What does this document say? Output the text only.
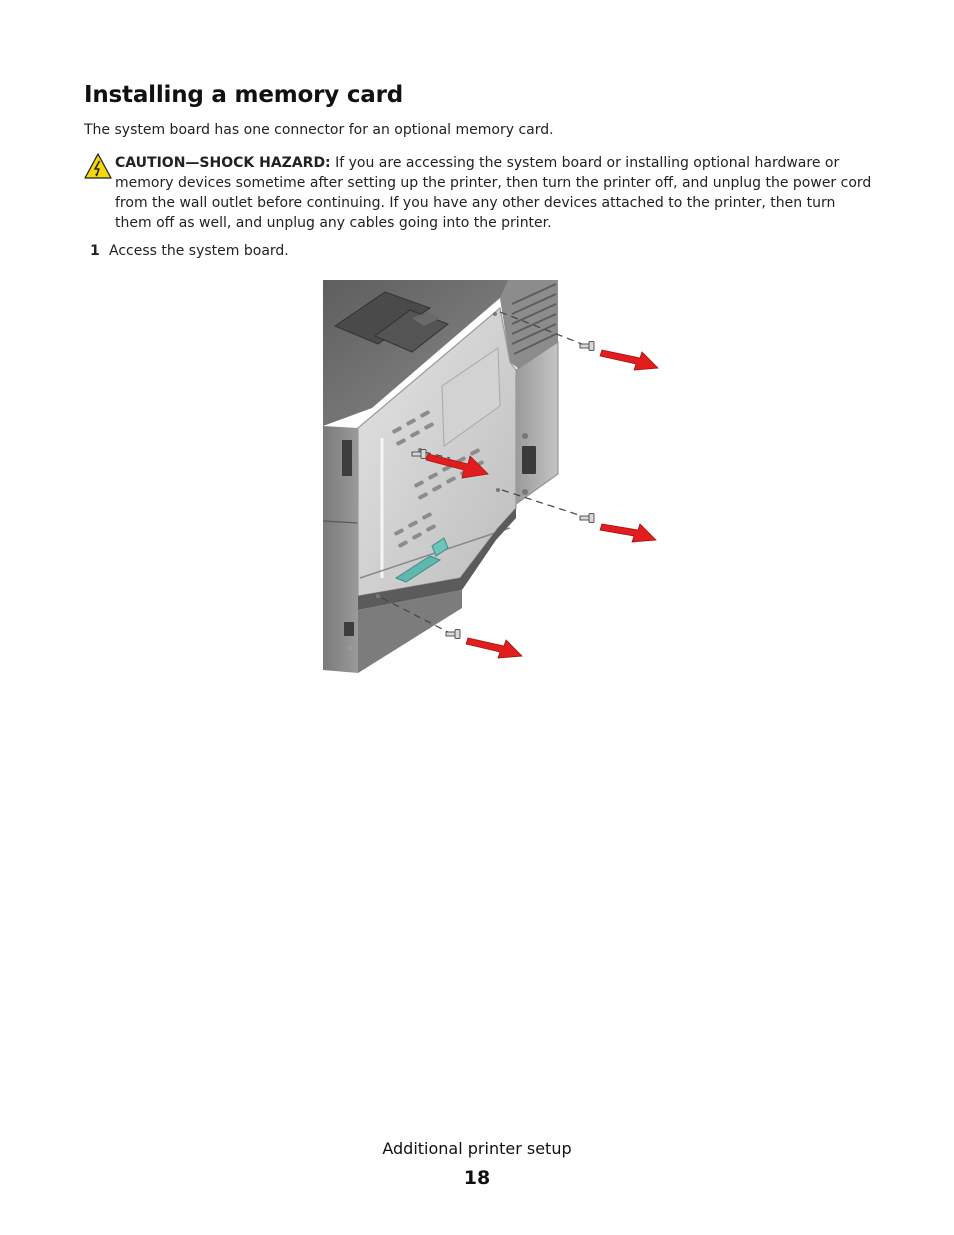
Installing a memory card

The system board has one connector for an optional memory card.

CAUTION—SHOCK HAZARD: If you are accessing the system board or installing optional hardware or memory devices sometime after setting up the printer, then turn the printer off, and unplug the power cord from the wall outlet before continuing. If you have any other devices attached to the printer, then turn them off as well, and unplug any cables going into the printer.

1 Access the system board.

Additional printer setup

18
